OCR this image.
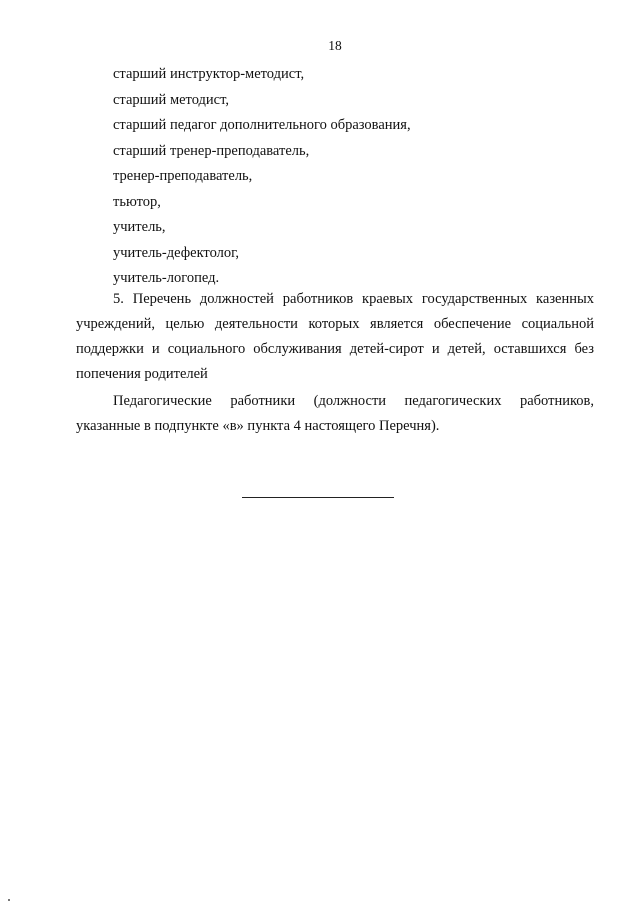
18
старший инструктор-методист,
старший методист,
старший педагог дополнительного образования,
старший тренер-преподаватель,
тренер-преподаватель,
тьютор,
учитель,
учитель-дефектолог,
учитель-логопед.

5. Перечень должностей работников краевых государственных казенных учреждений, целью деятельности которых является обеспечение социальной поддержки и социального обслуживания детей-сирот и детей, оставшихся без попечения родителей

Педагогические работники (должности педагогических работников, указанные в подпункте «в» пункта 4 настоящего Перечня).
